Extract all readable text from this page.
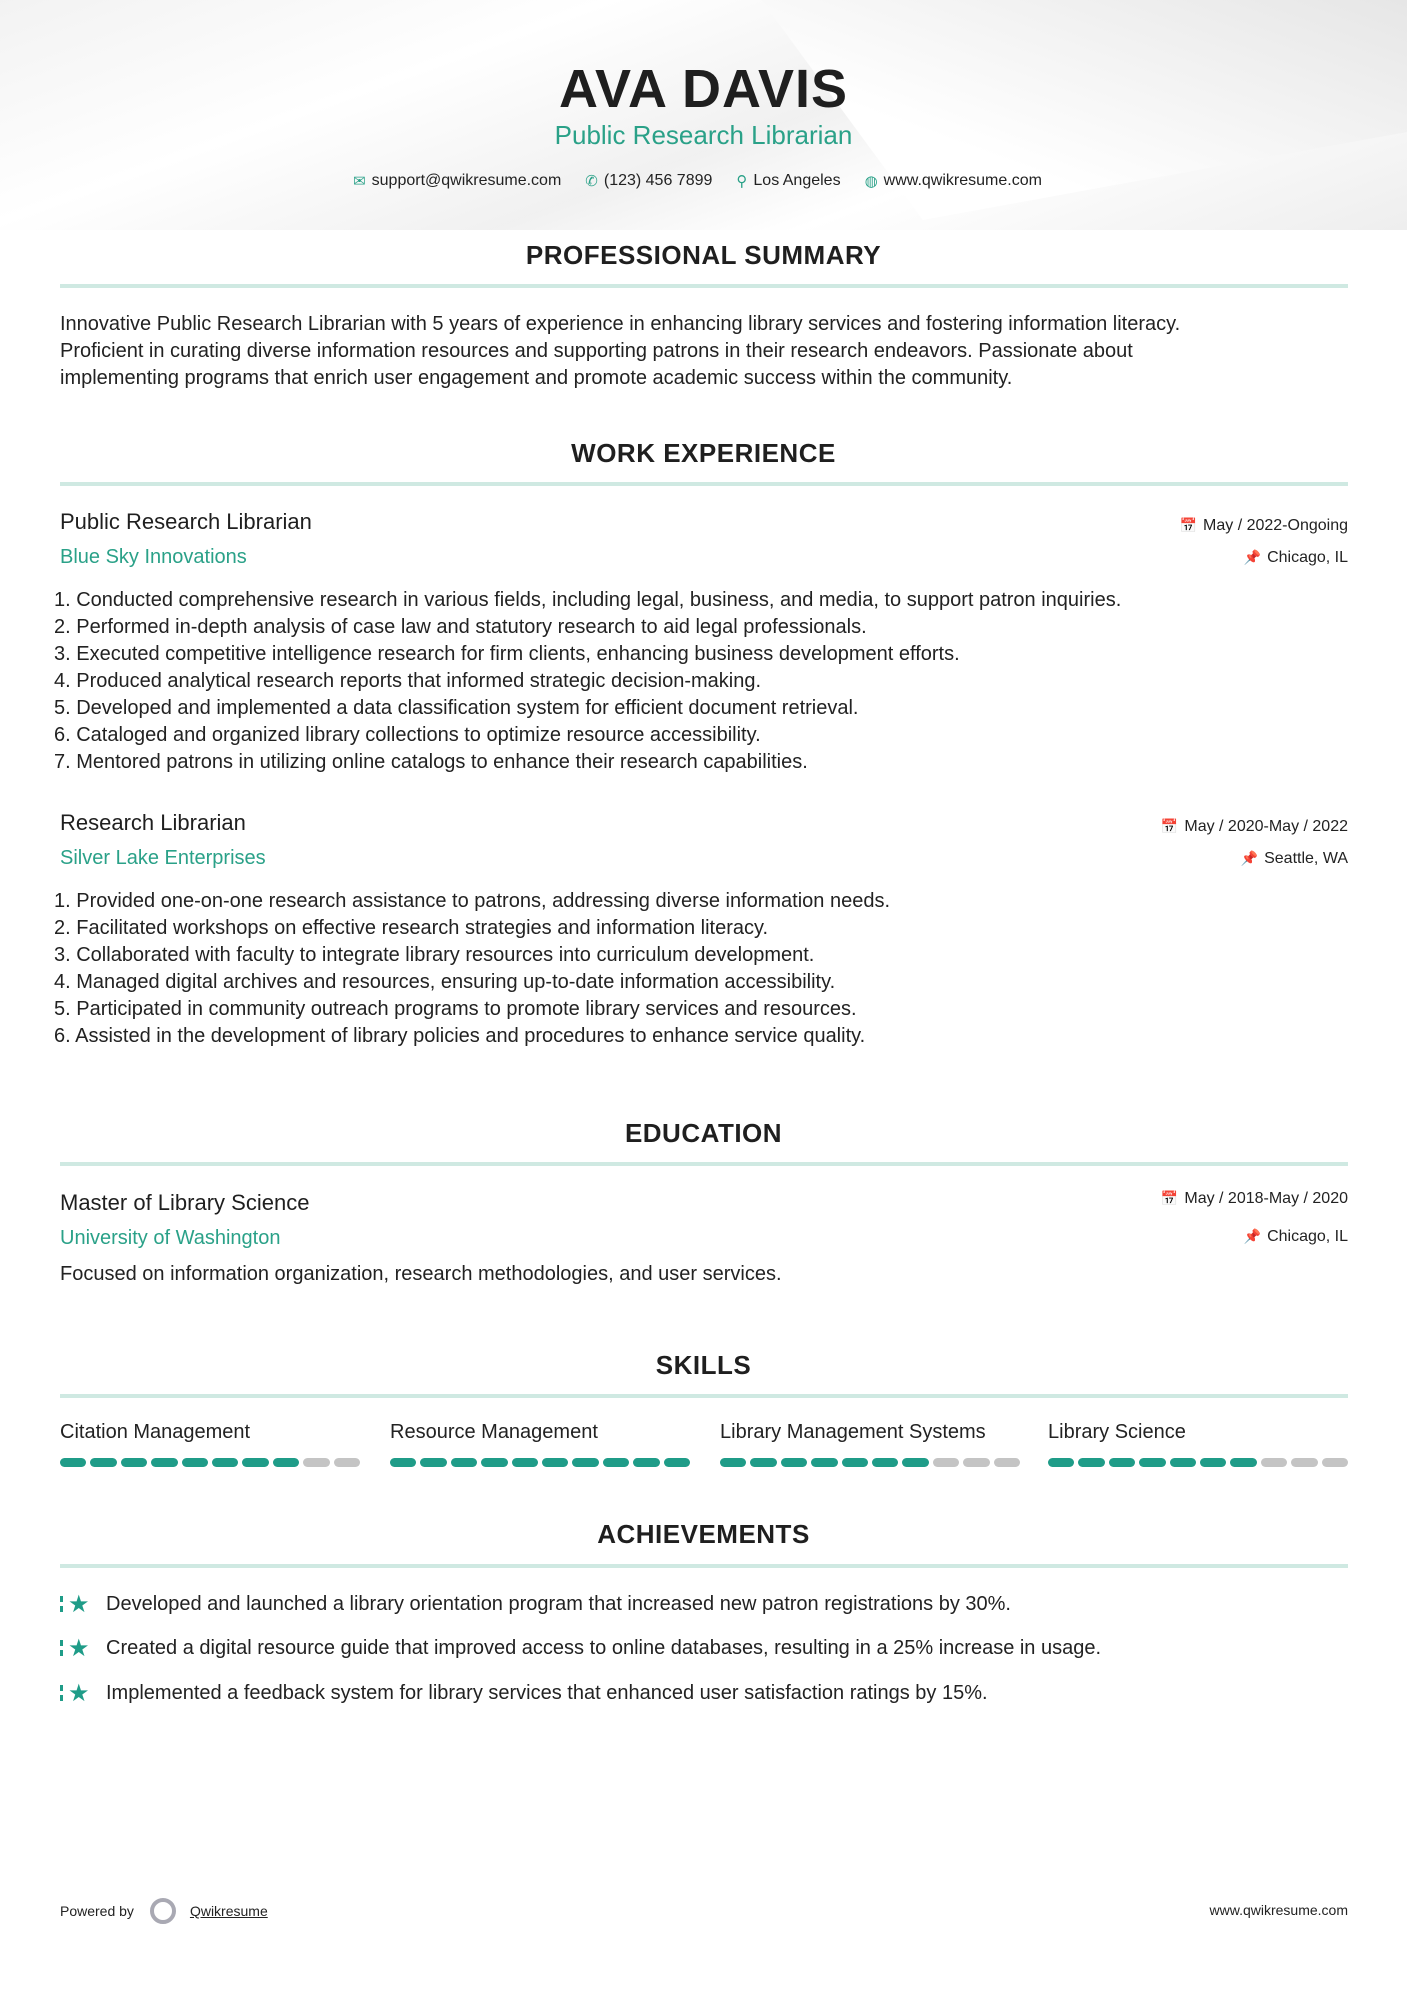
AVA DAVIS
Public Research Librarian
✉ support@qwikresume.com ✆ (123) 456 7899 ⚲ Los Angeles ◍ www.qwikresume.com
PROFESSIONAL SUMMARY
Innovative Public Research Librarian with 5 years of experience in enhancing library services and fostering information literacy.
Proficient in curating diverse information resources and supporting patrons in their research endeavors. Passionate about
implementing programs that enrich user engagement and promote academic success within the community.
WORK EXPERIENCE
Public Research Librarian
Blue Sky Innovations
📅 May / 2022-Ongoing
📌 Chicago, IL
1. Conducted comprehensive research in various fields, including legal, business, and media, to support patron inquiries.
2. Performed in-depth analysis of case law and statutory research to aid legal professionals.
3. Executed competitive intelligence research for firm clients, enhancing business development efforts.
4. Produced analytical research reports that informed strategic decision-making.
5. Developed and implemented a data classification system for efficient document retrieval.
6. Cataloged and organized library collections to optimize resource accessibility.
7. Mentored patrons in utilizing online catalogs to enhance their research capabilities.
Research Librarian
Silver Lake Enterprises
📅 May / 2020-May / 2022
📌 Seattle, WA
1. Provided one-on-one research assistance to patrons, addressing diverse information needs.
2. Facilitated workshops on effective research strategies and information literacy.
3. Collaborated with faculty to integrate library resources into curriculum development.
4. Managed digital archives and resources, ensuring up-to-date information accessibility.
5. Participated in community outreach programs to promote library services and resources.
6. Assisted in the development of library policies and procedures to enhance service quality.
EDUCATION
Master of Library Science
University of Washington
📅 May / 2018-May / 2020
📌 Chicago, IL
Focused on information organization, research methodologies, and user services.
SKILLS
Citation Management	Resource Management	Library Management Systems	Library Science
ACHIEVEMENTS
★ Developed and launched a library orientation program that increased new patron registrations by 30%.
★ Created a digital resource guide that improved access to online databases, resulting in a 25% increase in usage.
★ Implemented a feedback system for library services that enhanced user satisfaction ratings by 15%.
Powered by	Qwikresume	www.qwikresume.com
